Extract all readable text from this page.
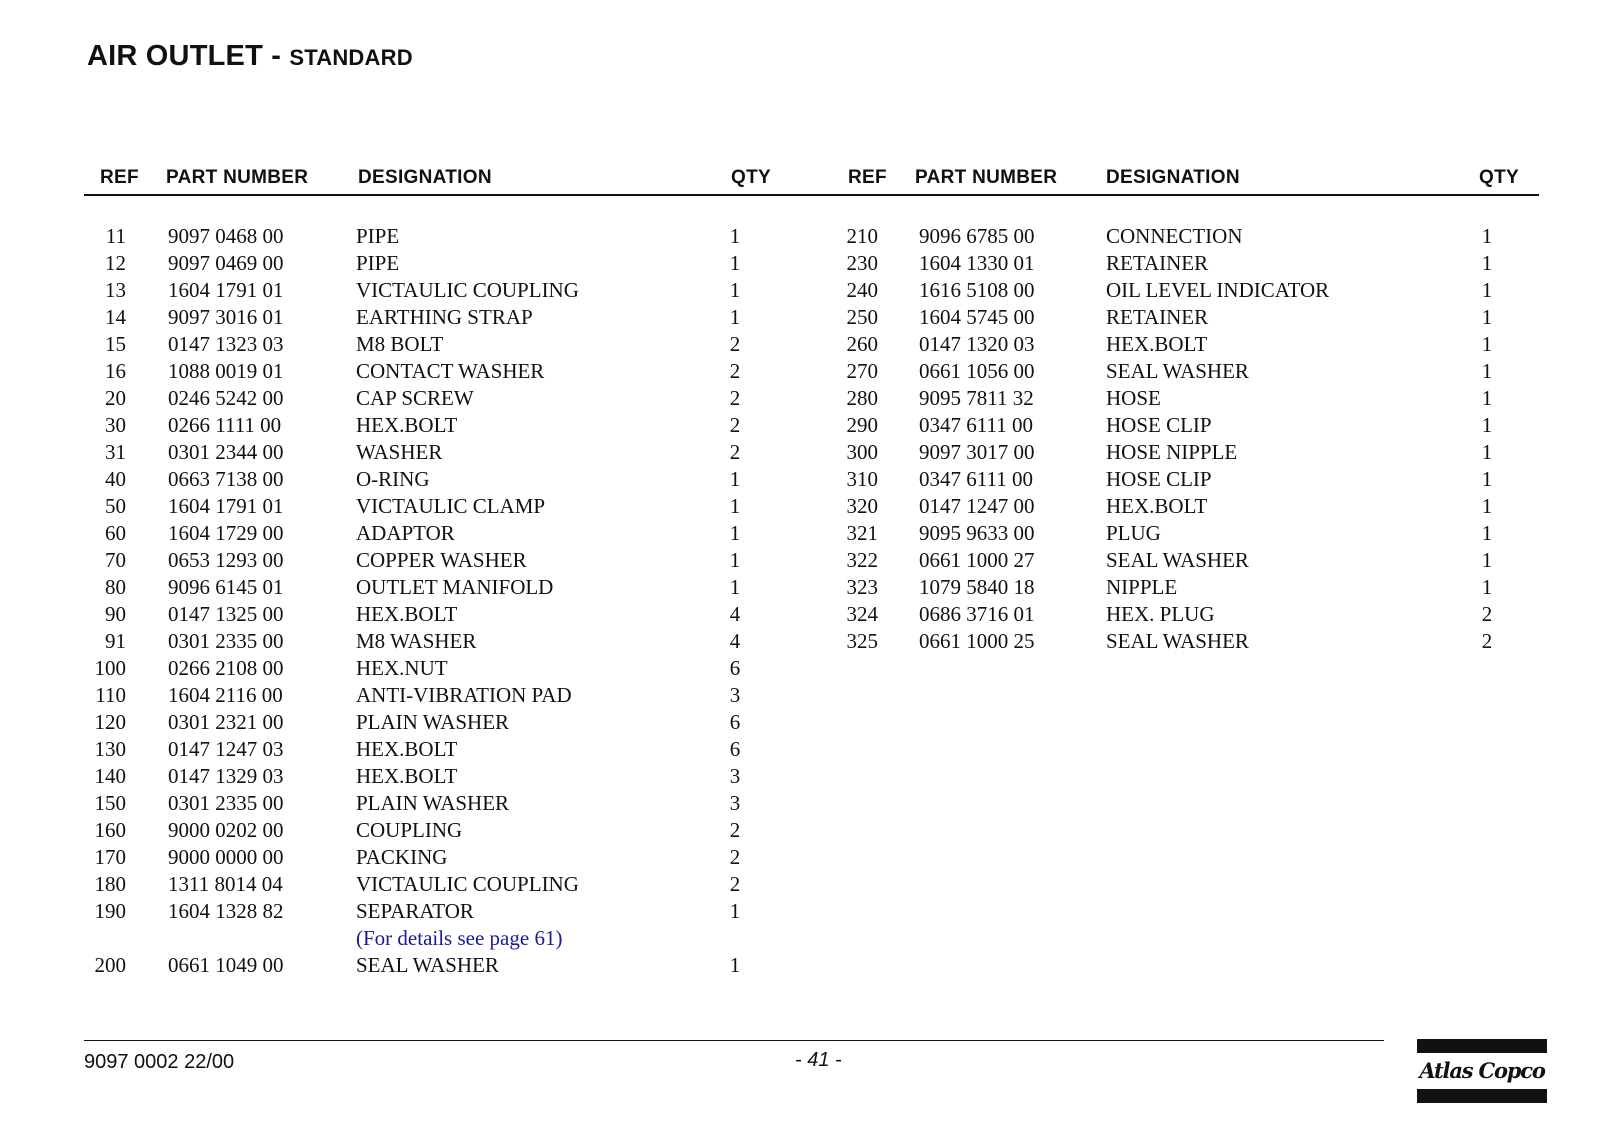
AIR OUTLET - STANDARD
REF PART NUMBER	DESIGNATION	QTY	REF PART NUMBER	DESIGNATION	QTY
11 9097 0468 00	PIPE	1
12 9097 0469 00	PIPE	1
13 1604 1791 01	VICTAULIC COUPLING	1
14 9097 3016 01	EARTHING STRAP	1
15 0147 1323 03	M8 BOLT	2
16 1088 0019 01	CONTACT WASHER	2
20 0246 5242 00	CAP SCREW	2
30 0266 1111 00	HEX.BOLT	2
31 0301 2344 00	WASHER	2
40 0663 7138 00	O-RING	1
50 1604 1791 01	VICTAULIC CLAMP	1
60 1604 1729 00	ADAPTOR	1
70 0653 1293 00	COPPER WASHER	1
80 9096 6145 01	OUTLET MANIFOLD	1
90 0147 1325 00	HEX.BOLT	4
91 0301 2335 00	M8 WASHER	4
100 0266 2108 00	HEX.NUT	6
110 1604 2116 00	ANTI-VIBRATION PAD	3
120 0301 2321 00	PLAIN WASHER	6
130 0147 1247 03	HEX.BOLT	6
140 0147 1329 03	HEX.BOLT	3
150 0301 2335 00	PLAIN WASHER	3
160 9000 0202 00	COUPLING	2
170 9000 0000 00	PACKING	2
180 1311 8014 04	VICTAULIC COUPLING	2
190 1604 1328 82	SEPARATOR	1
(For details see page 61)
200 0661 1049 00	SEAL WASHER	1
210 9096 6785 00	CONNECTION	1
230 1604 1330 01	RETAINER	1
240 1616 5108 00	OIL LEVEL INDICATOR	1
250 1604 5745 00	RETAINER	1
260 0147 1320 03	HEX.BOLT	1
270 0661 1056 00	SEAL WASHER	1
280 9095 7811 32	HOSE	1
290 0347 6111 00	HOSE CLIP	1
300 9097 3017 00	HOSE NIPPLE	1
310 0347 6111 00	HOSE CLIP	1
320 0147 1247 00	HEX.BOLT	1
321 9095 9633 00	PLUG	1
322 0661 1000 27	SEAL WASHER	1
323 1079 5840 18	NIPPLE	1
324 0686 3716 01	HEX. PLUG	2
325 0661 1000 25	SEAL WASHER	2
9097 0002 22/00	- 41 -	Atlas Copco
